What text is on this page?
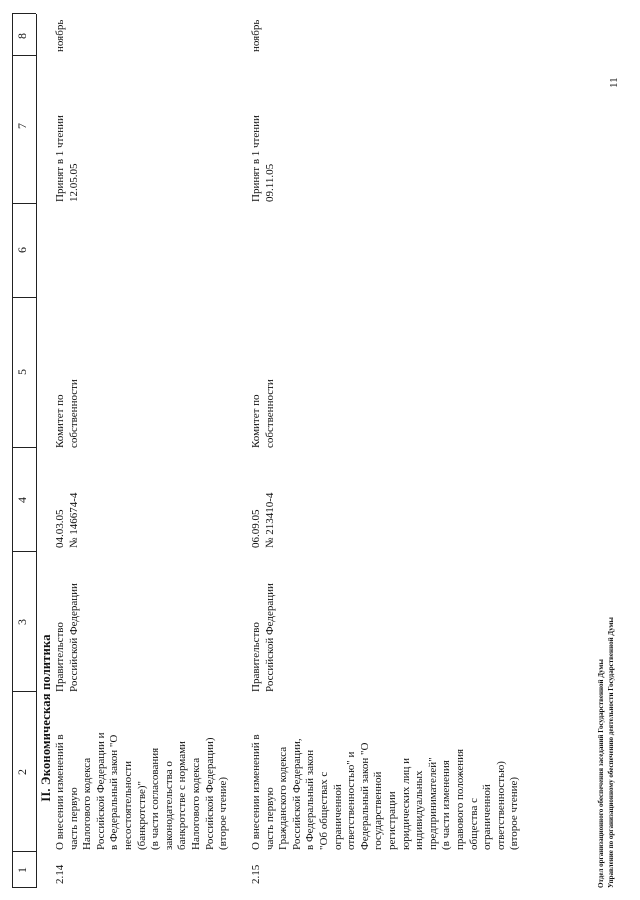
1
2
3
4
5
6
7
8
II. Экономическая политика
2.14
О внесении изменений в
часть первую
Налогового кодекса
Российской Федерации и
в Федеральный закон "О
несостоятельности
(банкротстве)"
(в части согласования
законодательства о
банкротстве с нормами
Налогового кодекса
Российской Федерации)
(второе чтение)
Правительство
Российской Федерации
04.03.05
№ 146674-4
Комитет по
собственности
Принят в 1 чтении
12.05.05
ноябрь
2.15
О внесении изменений в
часть первую
Гражданского кодекса
Российской Федерации,
в Федеральный закон
"Об обществах с
ограниченной
ответственностью" и
Федеральный закон "О
государственной
регистрации
юридических лиц и
индивидуальных
предпринимателей"
(в части изменения
правового положения
общества с
ограниченной
ответственностью)
(второе чтение)
Правительство
Российской Федерации
06.09.05
№ 213410-4
Комитет по
собственности
Принят в 1 чтении
09.11.05
ноябрь
Отдел организационного обеспечения заседаний Государственной Думы Управление по организационному обеспечению деятельности Государственной Думы
11
